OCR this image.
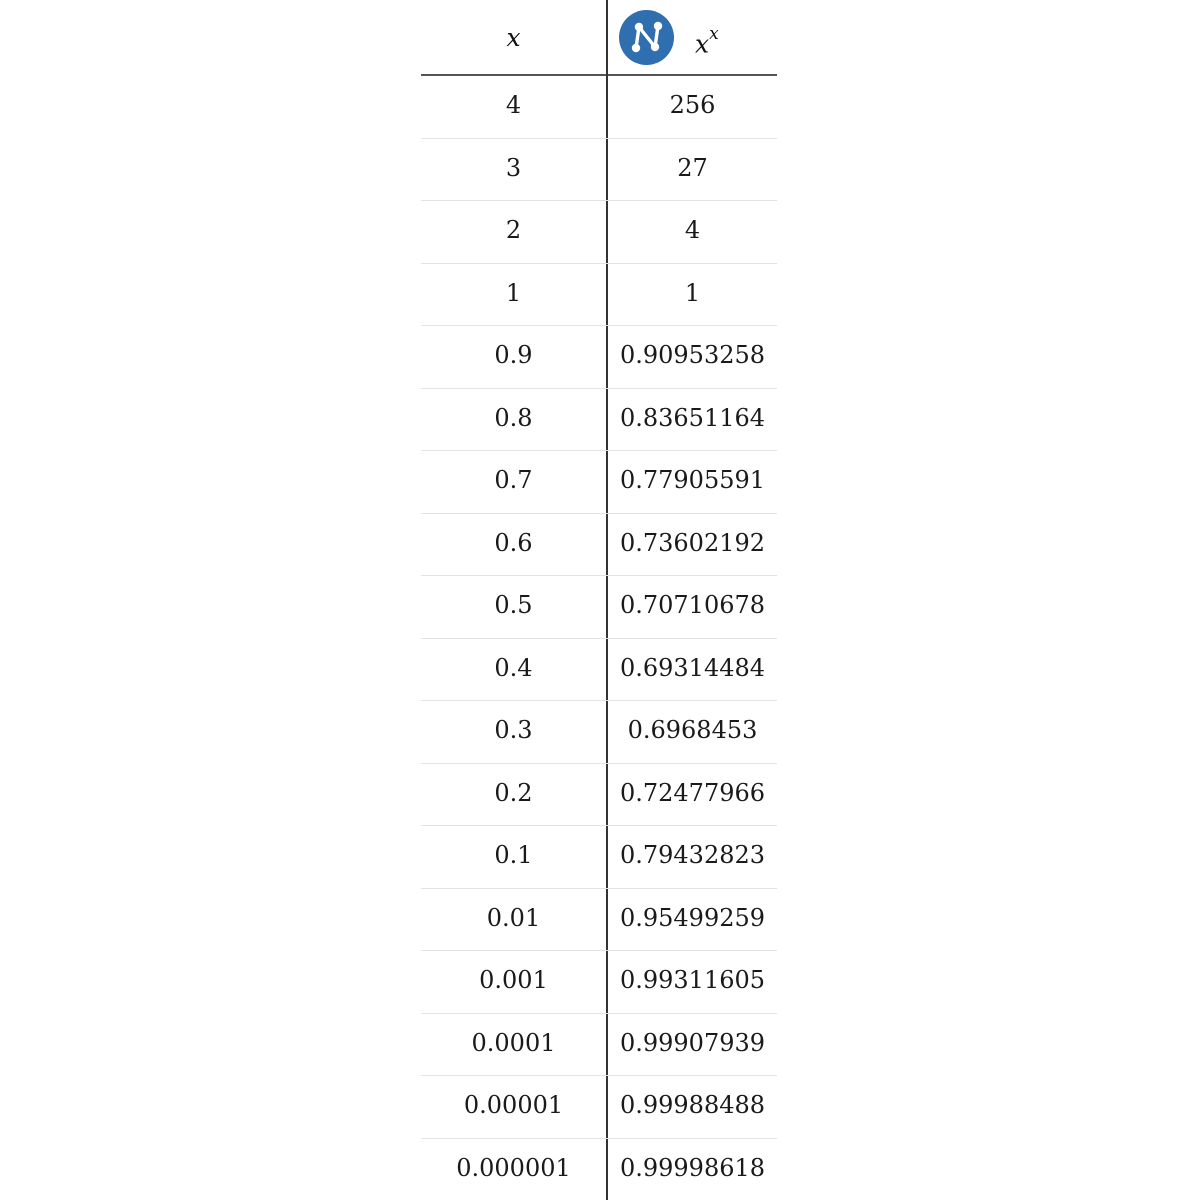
x	$x^x$
4	256
3	27
2	4
1	1
0.9	0.90953258
0.8	0.83651164
0.7	0.77905591
0.6	0.73602192
0.5	0.70710678
0.4	0.69314484
0.3	0.6968453
0.2	0.72477966
0.1	0.79432823
0.01	0.95499259
0.001	0.99311605
0.0001	0.99907939
0.00001	0.99988488
0.000001	0.99998618
